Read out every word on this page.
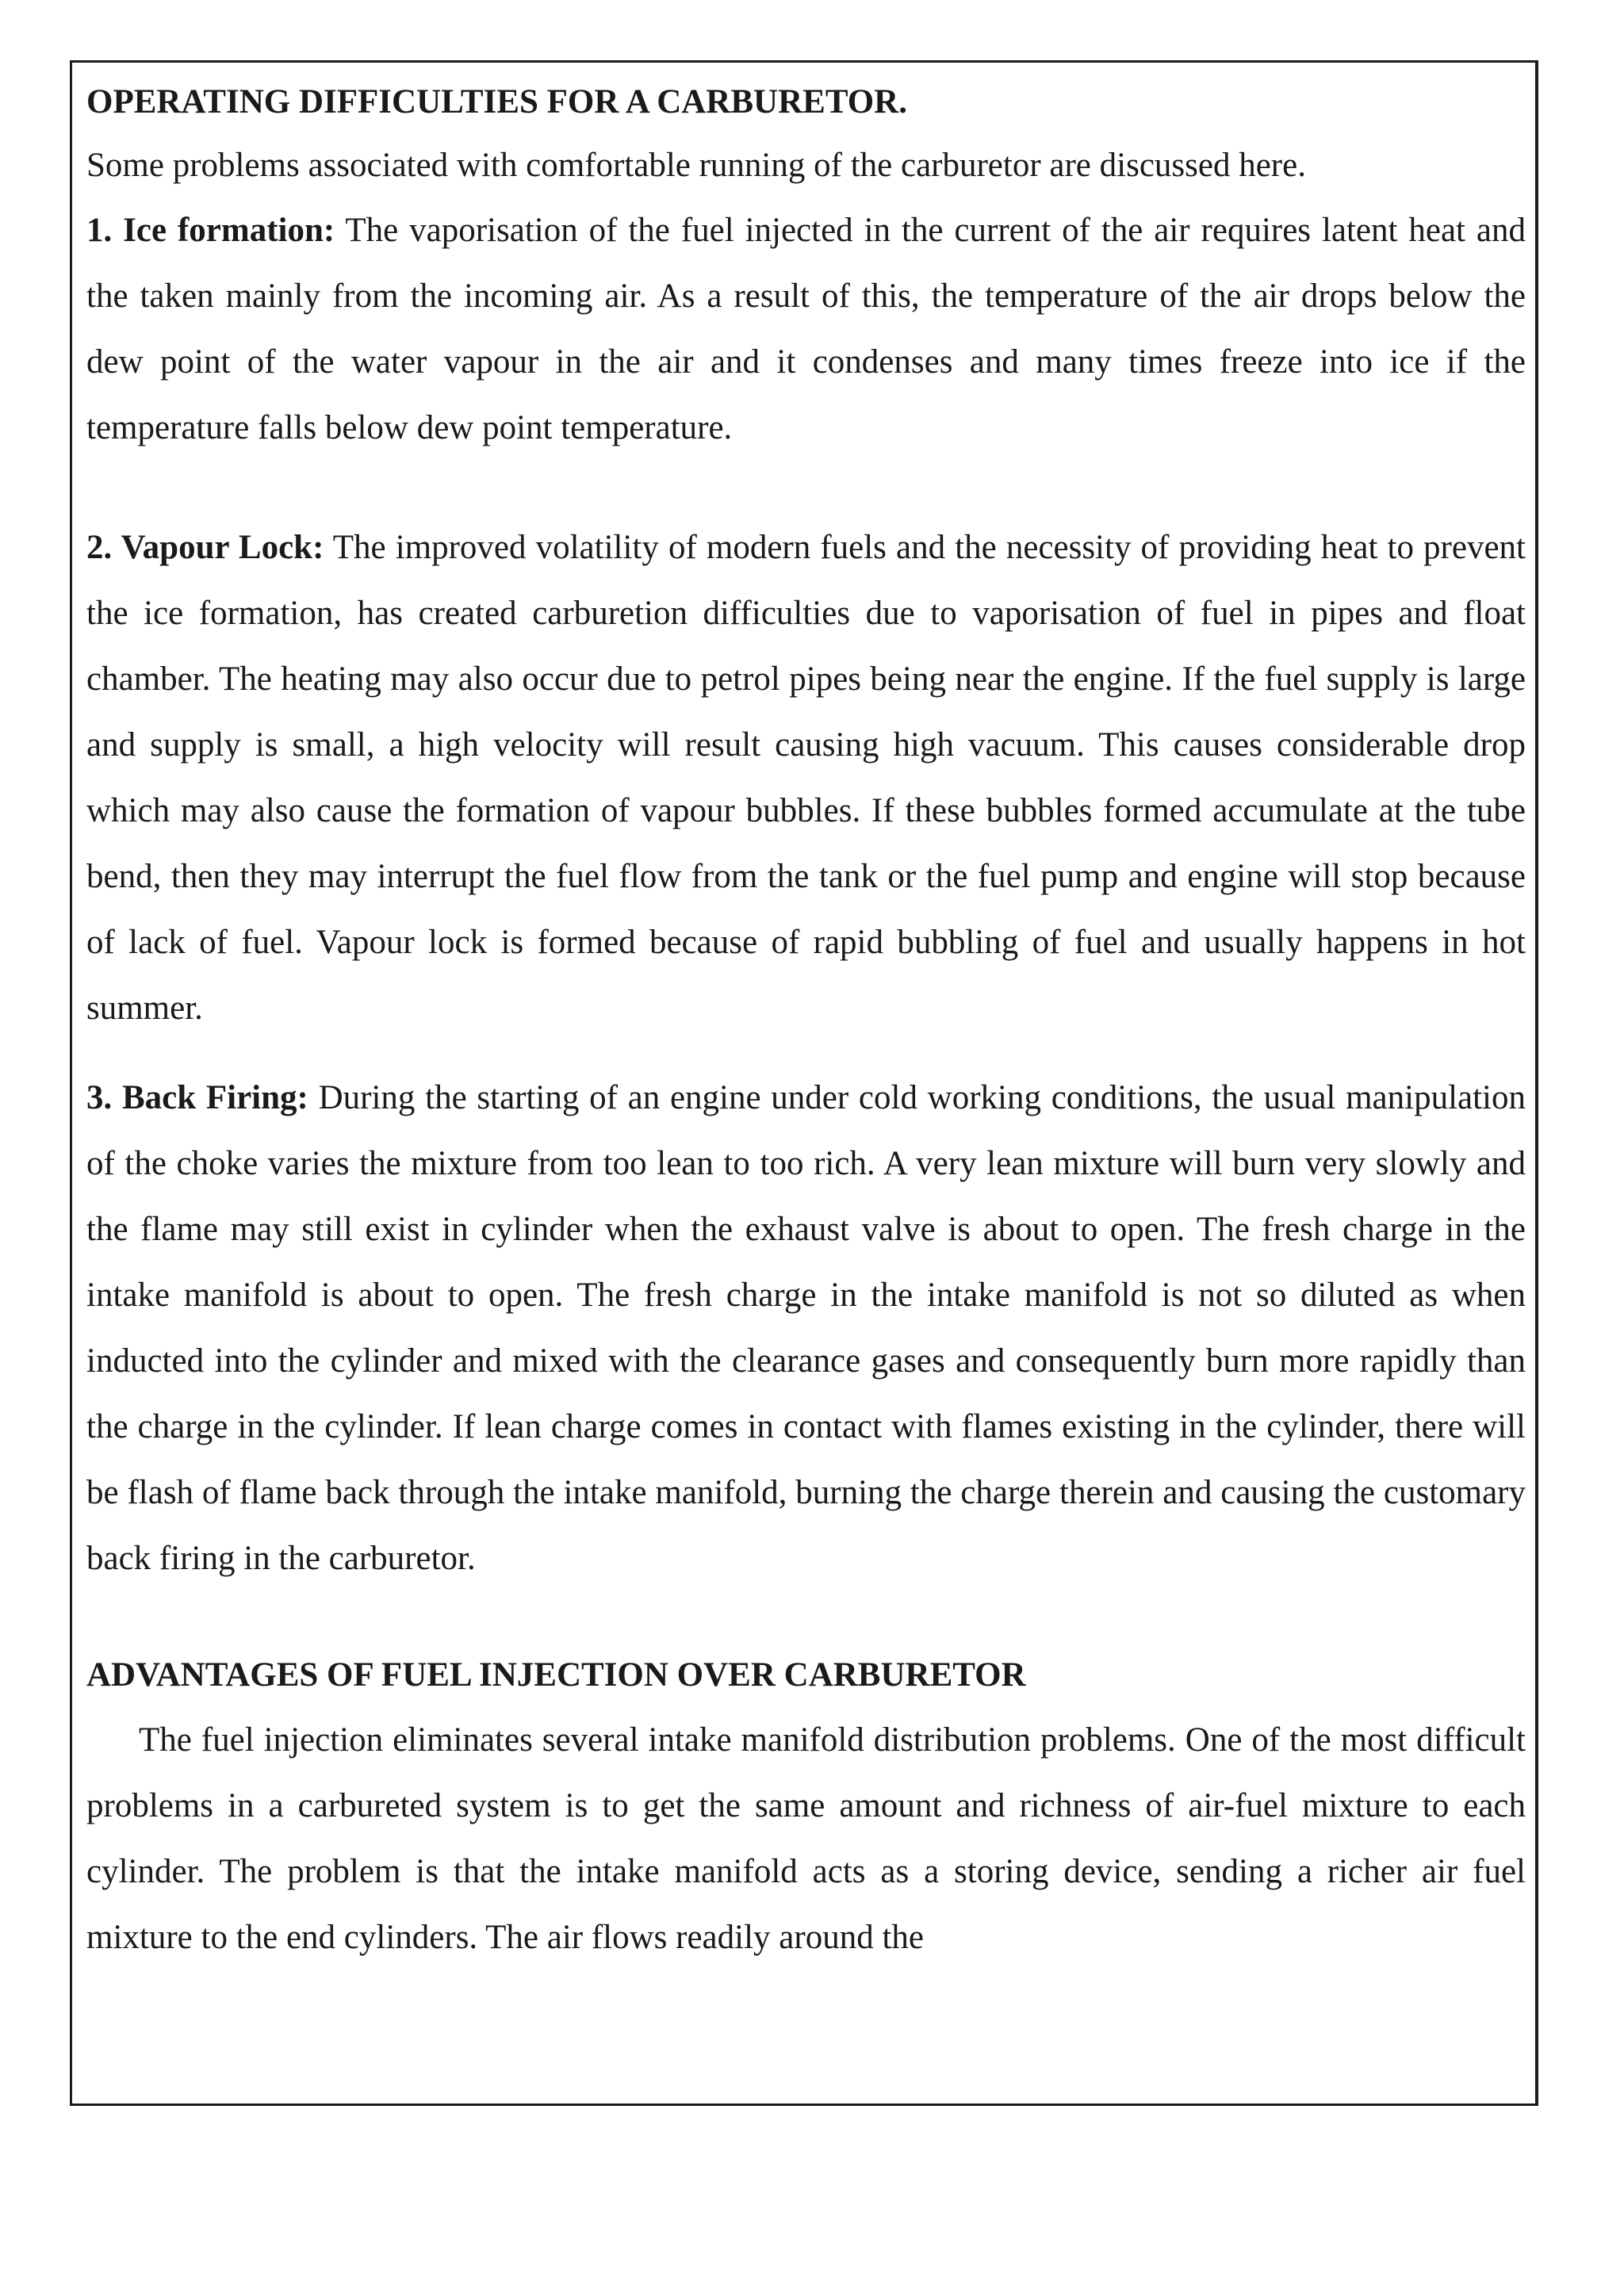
OPERATING DIFFICULTIES FOR A CARBURETOR.

Some problems associated with comfortable running of the carburetor are discussed here.

1. Ice formation: The vaporisation of the fuel injected in the current of the air requires latent heat and the taken mainly from the incoming air. As a result of this, the temperature of the air drops below the dew point of the water vapour in the air and it condenses and many times freeze into ice if the temperature falls below dew point temperature.

2. Vapour Lock: The improved volatility of modern fuels and the necessity of providing heat to prevent the ice formation, has created carburetion difficulties due to vaporisation of fuel in pipes and float chamber. The heating may also occur due to petrol pipes being near the engine. If the fuel supply is large and supply is small, a high velocity will result causing high vacuum. This causes considerable drop which may also cause the formation of vapour bubbles. If these bubbles formed accumulate at the tube bend, then they may interrupt the fuel flow from the tank or the fuel pump and engine will stop because of lack of fuel. Vapour lock is formed because of rapid bubbling of fuel and usually happens in hot summer.

3. Back Firing: During the starting of an engine under cold working conditions, the usual manipulation of the choke varies the mixture from too lean to too rich. A very lean mixture will burn very slowly and the flame may still exist in cylinder when the exhaust valve is about to open. The fresh charge in the intake manifold is about to open. The fresh charge in the intake manifold is not so diluted as when inducted into the cylinder and mixed with the clearance gases and consequently burn more rapidly than the charge in the cylinder. If lean charge comes in contact with flames existing in the cylinder, there will be flash of flame back through the intake manifold, burning the charge therein and causing the customary back firing in the carburetor.

ADVANTAGES OF FUEL INJECTION OVER CARBURETOR

The fuel injection eliminates several intake manifold distribution problems. One of the most difficult problems in a carbureted system is to get the same amount and richness of air-fuel mixture to each cylinder. The problem is that the intake manifold acts as a storing device, sending a richer air fuel mixture to the end cylinders. The air flows readily around the
